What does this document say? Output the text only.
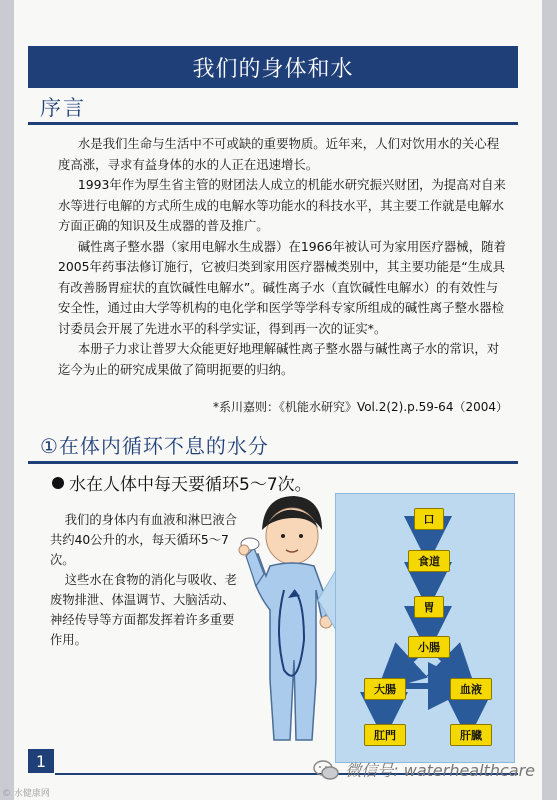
我们的身体和水
序言

水是我们生命与生活中不可或缺的重要物质。近年来，人们对饮用水的关心程度高涨，寻求有益身体的水的人正在迅速增长。

1993年作为厚生省主管的财团法人成立的机能水研究振兴财团，为提高对自来水等进行电解的方式所生成的电解水等功能水的科技水平，其主要工作就是电解水方面正确的知识及生成器的普及推广。

碱性离子整水器（家用电解水生成器）在1966年被认可为家用医疗器械，随着2005年药事法修订施行，它被归类到家用医疗器械类别中，其主要功能是“生成具有改善肠胃症状的直饮碱性电解水”。碱性离子水（直饮碱性电解水）的有效性与安全性，通过由大学等机构的电化学和医学等学科专家所组成的碱性离子整水器检讨委员会开展了先进水平的科学实证，得到再一次的证实*。

本册子力求让普罗大众能更好地理解碱性离子整水器与碱性离子水的常识，对迄今为止的研究成果做了简明扼要的归纳。

*系川嘉则：《机能水研究》Vol.2(2).p.59-64（2004）
①在体内循环不息的水分
水在人体中每天要循环5～7次。

我们的身体内有血液和淋巴液合共约40公升的水，每天循环5～7次。

这些水在食物的消化与吸收、老废物排泄、体温调节、大脑活动、神经传导等方面都发挥着许多重要作用。

口
食道
胃
小腸
大腸	血液
肛門	肝臓
1	微信号: waterhealthcare
© 水健康网
